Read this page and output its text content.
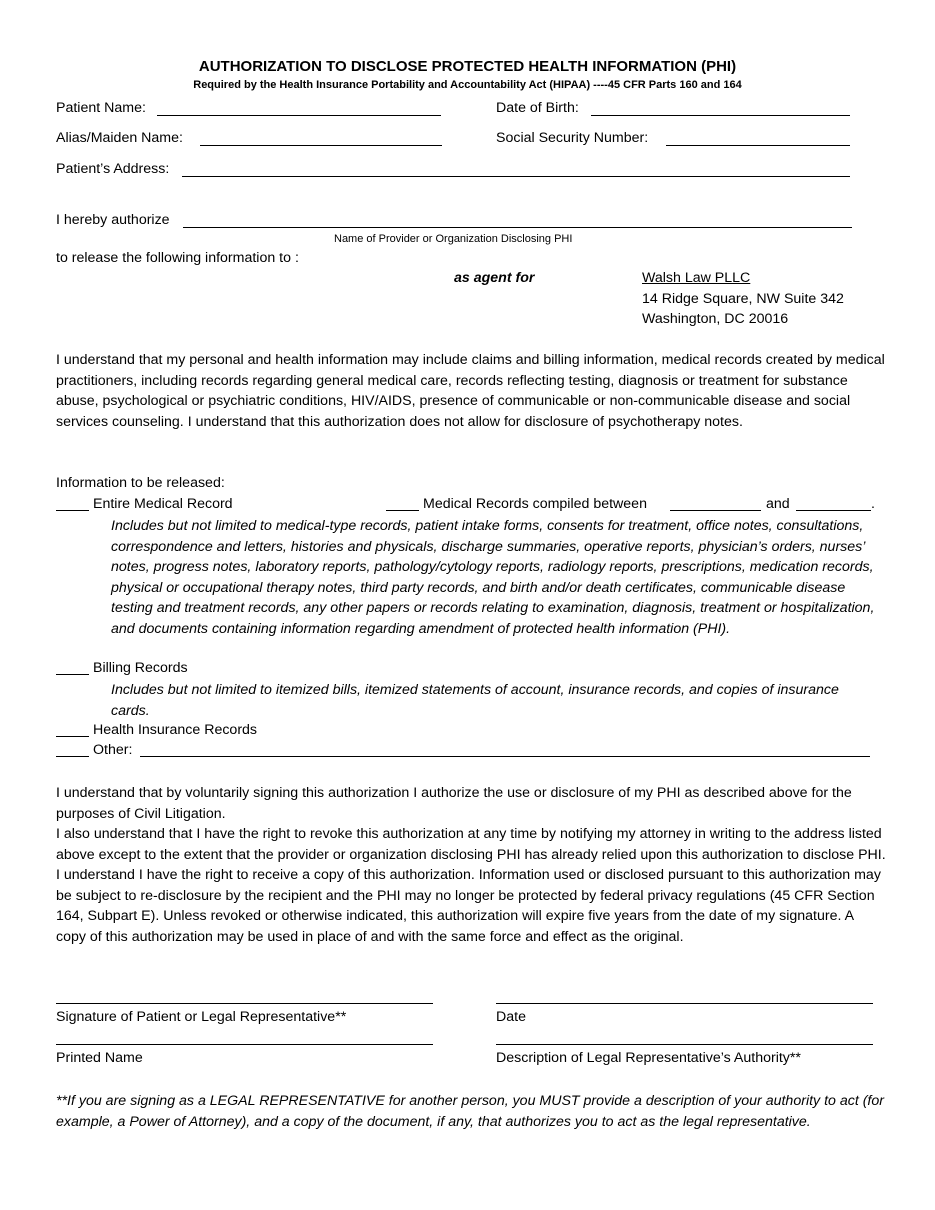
AUTHORIZATION TO DISCLOSE PROTECTED HEALTH INFORMATION (PHI)
Required by the Health Insurance Portability and Accountability Act (HIPAA) ----45 CFR Parts 160 and 164
Patient Name:	Date of Birth:
Alias/Maiden Name:	Social Security Number:
Patient’s Address:
I hereby authorize
Name of Provider or Organization Disclosing PHI
to release the following information to :
as agent for	Walsh Law PLLC
14 Ridge Square, NW Suite 342
Washington, DC 20016
I understand that my personal and health information may include claims and billing information, medical records created by medical practitioners, including records regarding general medical care, records reflecting testing, diagnosis or treatment for substance abuse, psychological or psychiatric conditions, HIV/AIDS, presence of communicable or non-communicable disease and social services counseling. I understand that this authorization does not allow for disclosure of psychotherapy notes.
Information to be released:
Entire Medical Record	Medical Records compiled between	and	.
Includes but not limited to medical-type records, patient intake forms, consents for treatment, office notes, consultations, correspondence and letters, histories and physicals, discharge summaries, operative reports, physician’s orders, nurses’ notes, progress notes, laboratory reports, pathology/cytology reports, radiology reports, prescriptions, medication records, physical or occupational therapy notes, third party records, and birth and/or death certificates, communicable disease testing and treatment records, any other papers or records relating to examination, diagnosis, treatment or hospitalization, and documents containing information regarding amendment of protected health information (PHI).
Billing Records
Includes but not limited to itemized bills, itemized statements of account, insurance records, and copies of insurance cards.
Health Insurance Records
Other:
I understand that by voluntarily signing this authorization I authorize the use or disclosure of my PHI as described above for the purposes of Civil Litigation.
I also understand that I have the right to revoke this authorization at any time by notifying my attorney in writing to the address listed above except to the extent that the provider or organization disclosing PHI has already relied upon this authorization to disclose PHI. I understand I have the right to receive a copy of this authorization. Information used or disclosed pursuant to this authorization may be subject to re-disclosure by the recipient and the PHI may no longer be protected by federal privacy regulations (45 CFR Section 164, Subpart E). Unless revoked or otherwise indicated, this authorization will expire five years from the date of my signature. A copy of this authorization may be used in place of and with the same force and effect as the original.
Signature of Patient or Legal Representative**	Date
Printed Name	Description of Legal Representative’s Authority**
**If you are signing as a LEGAL REPRESENTATIVE for another person, you MUST provide a description of your authority to act (for example, a Power of Attorney), and a copy of the document, if any, that authorizes you to act as the legal representative.
